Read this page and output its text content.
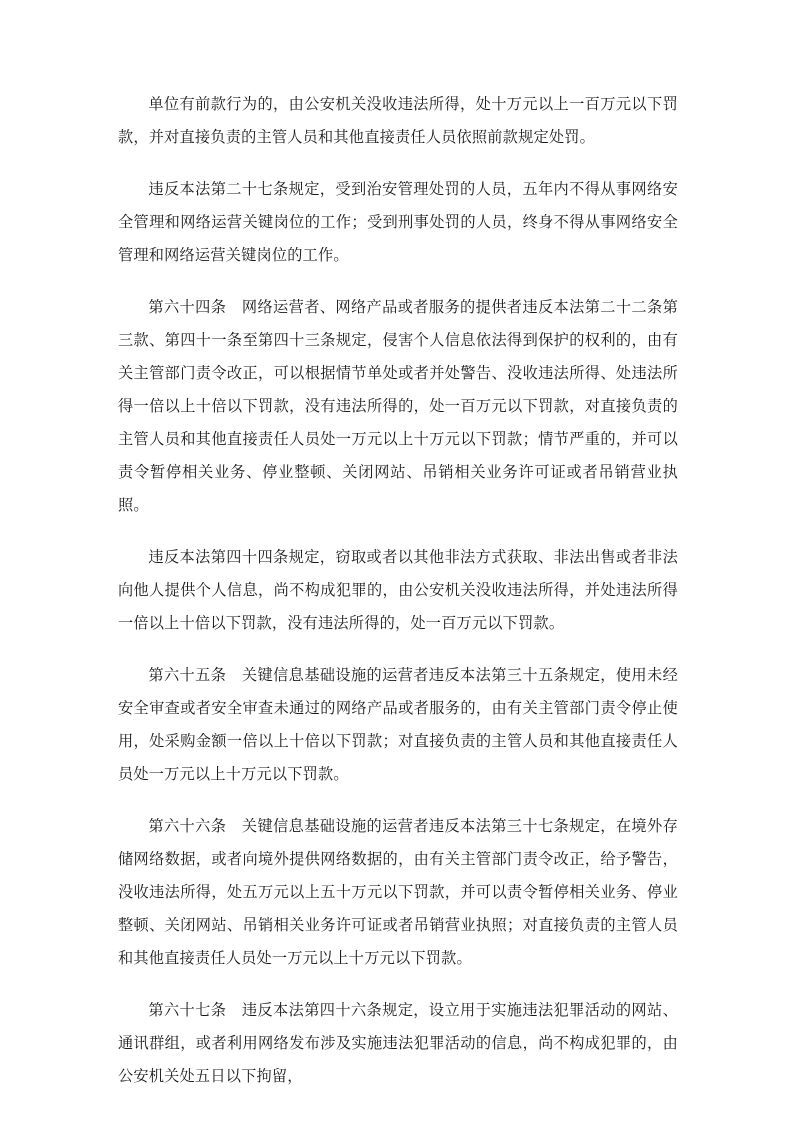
单位有前款行为的，由公安机关没收违法所得，处十万元以上一百万元以下罚款，并对直接负责的主管人员和其他直接责任人员依照前款规定处罚。

违反本法第二十七条规定，受到治安管理处罚的人员，五年内不得从事网络安全管理和网络运营关键岗位的工作；受到刑事处罚的人员，终身不得从事网络安全管理和网络运营关键岗位的工作。

第六十四条　网络运营者、网络产品或者服务的提供者违反本法第二十二条第三款、第四十一条至第四十三条规定，侵害个人信息依法得到保护的权利的，由有关主管部门责令改正，可以根据情节单处或者并处警告、没收违法所得、处违法所得一倍以上十倍以下罚款，没有违法所得的，处一百万元以下罚款，对直接负责的主管人员和其他直接责任人员处一万元以上十万元以下罚款；情节严重的，并可以责令暂停相关业务、停业整顿、关闭网站、吊销相关业务许可证或者吊销营业执照。

违反本法第四十四条规定，窃取或者以其他非法方式获取、非法出售或者非法向他人提供个人信息，尚不构成犯罪的，由公安机关没收违法所得，并处违法所得一倍以上十倍以下罚款，没有违法所得的，处一百万元以下罚款。

第六十五条　关键信息基础设施的运营者违反本法第三十五条规定，使用未经安全审查或者安全审查未通过的网络产品或者服务的，由有关主管部门责令停止使用，处采购金额一倍以上十倍以下罚款；对直接负责的主管人员和其他直接责任人员处一万元以上十万元以下罚款。

第六十六条　关键信息基础设施的运营者违反本法第三十七条规定，在境外存储网络数据，或者向境外提供网络数据的，由有关主管部门责令改正，给予警告，没收违法所得，处五万元以上五十万元以下罚款，并可以责令暂停相关业务、停业整顿、关闭网站、吊销相关业务许可证或者吊销营业执照；对直接负责的主管人员和其他直接责任人员处一万元以上十万元以下罚款。

第六十七条　违反本法第四十六条规定，设立用于实施违法犯罪活动的网站、通讯群组，或者利用网络发布涉及实施违法犯罪活动的信息，尚不构成犯罪的，由公安机关处五日以下拘留，
